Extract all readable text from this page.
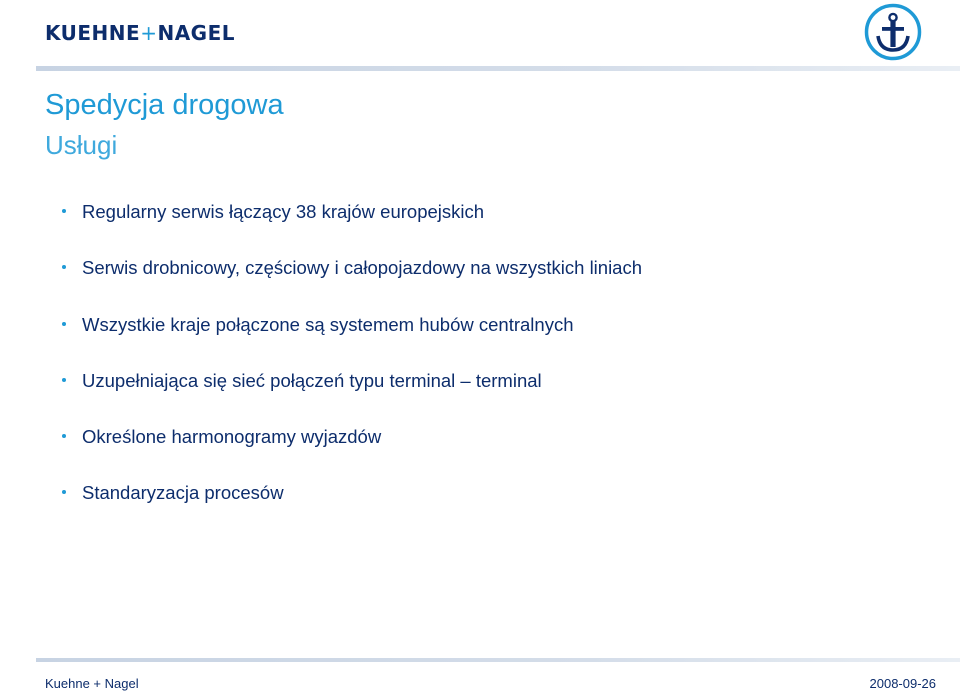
KUEHNE+NAGEL
Spedycja drogowa
Usługi
Regularny serwis łączący 38 krajów europejskich
Serwis drobnicowy, częściowy i całopojazdowy na wszystkich liniach
Wszystkie kraje połączone są systemem hubów centralnych
Uzupełniająca się sieć połączeń typu terminal – terminal
Określone harmonogramy wyjazdów
Standaryzacja procesów
Kuehne + Nagel	2008-09-26
